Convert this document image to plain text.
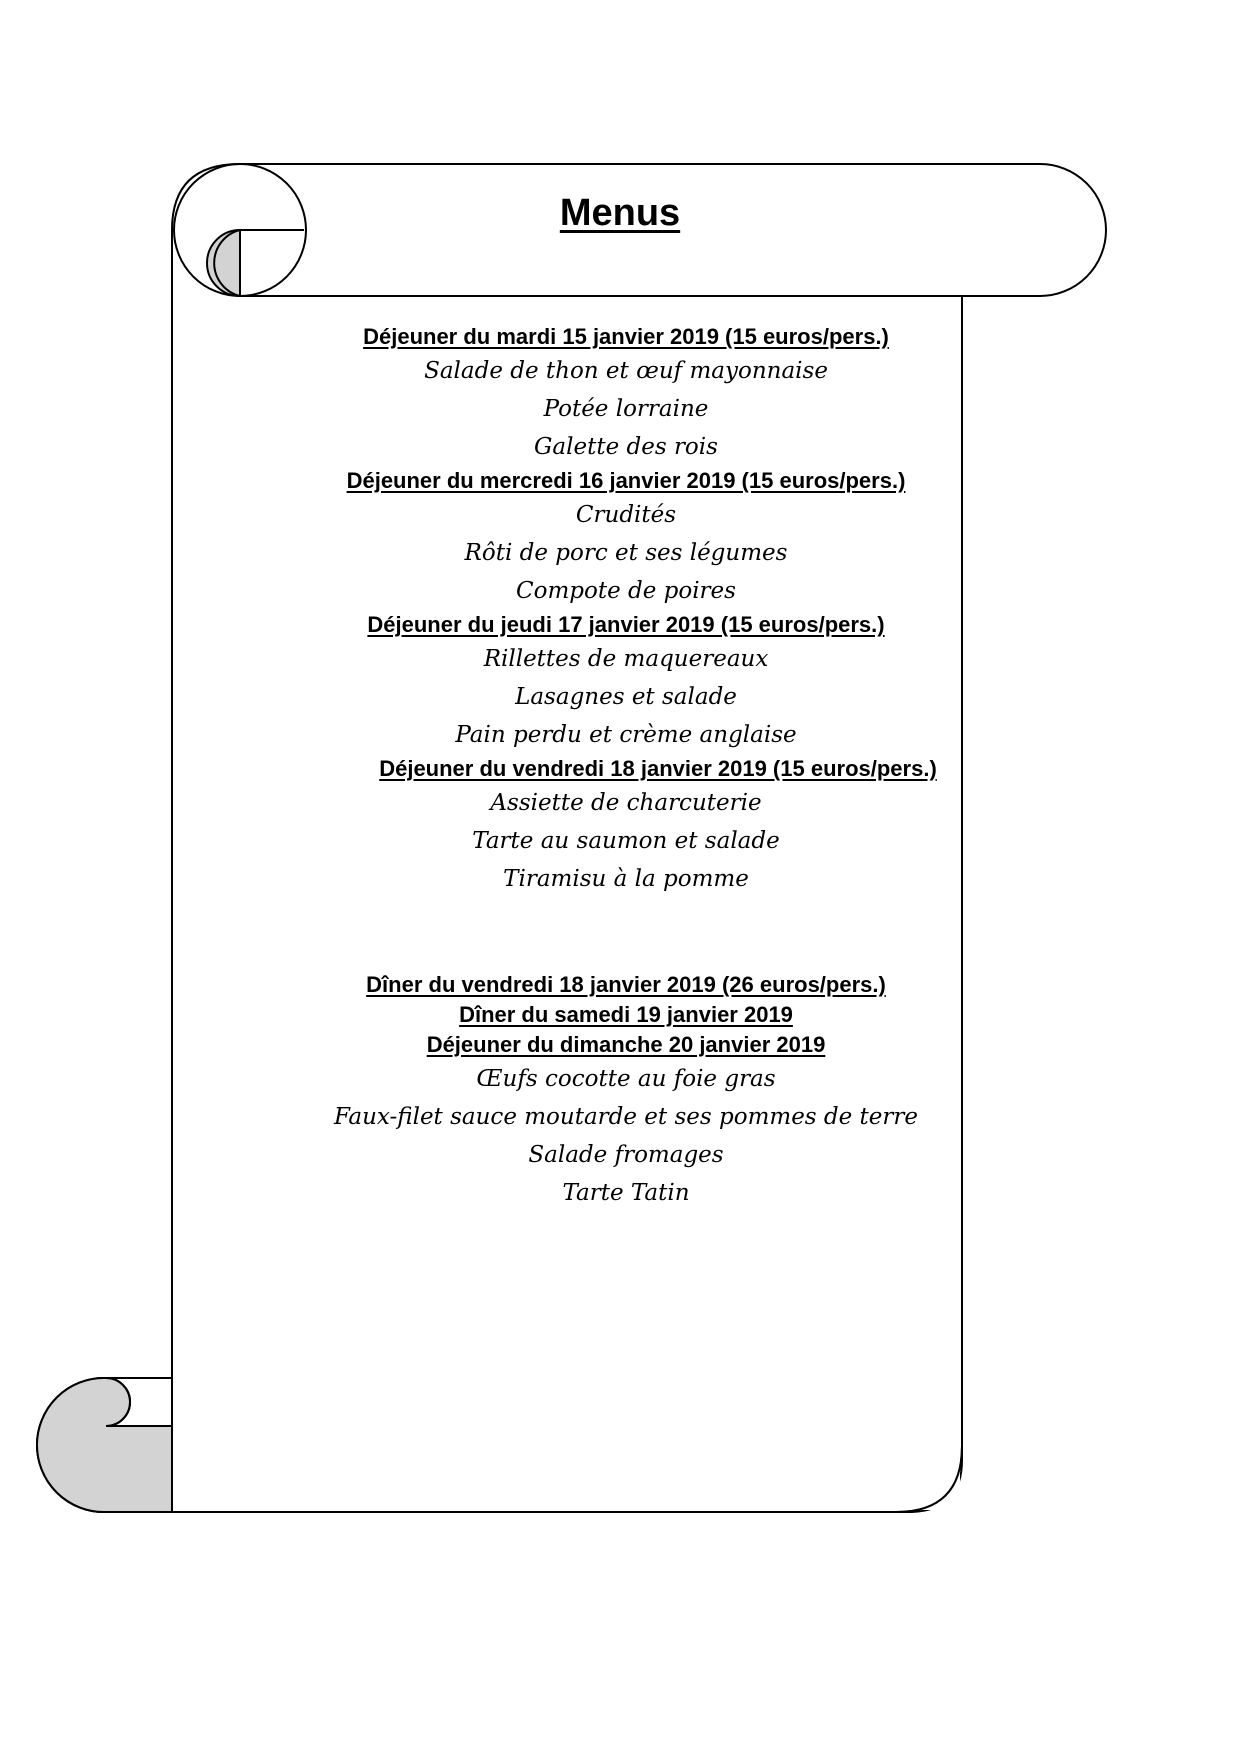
Menus
Déjeuner du mardi 15 janvier 2019 (15 euros/pers.)
Salade de thon et œuf mayonnaise
Potée lorraine
Galette des rois
Déjeuner du mercredi 16 janvier 2019 (15 euros/pers.)
Crudités
Rôti de porc et ses légumes
Compote de poires
Déjeuner du jeudi 17 janvier 2019 (15 euros/pers.)
Rillettes de maquereaux
Lasagnes et salade
Pain perdu et crème anglaise
Déjeuner du vendredi 18 janvier 2019 (15 euros/pers.)
Assiette de charcuterie
Tarte au saumon et salade
Tiramisu à la pomme
Dîner du vendredi 18 janvier 2019 (26 euros/pers.)
Dîner du samedi 19 janvier 2019
Déjeuner du dimanche 20 janvier 2019
Œufs cocotte au foie gras
Faux-filet sauce moutarde et ses pommes de terre
Salade fromages
Tarte Tatin
